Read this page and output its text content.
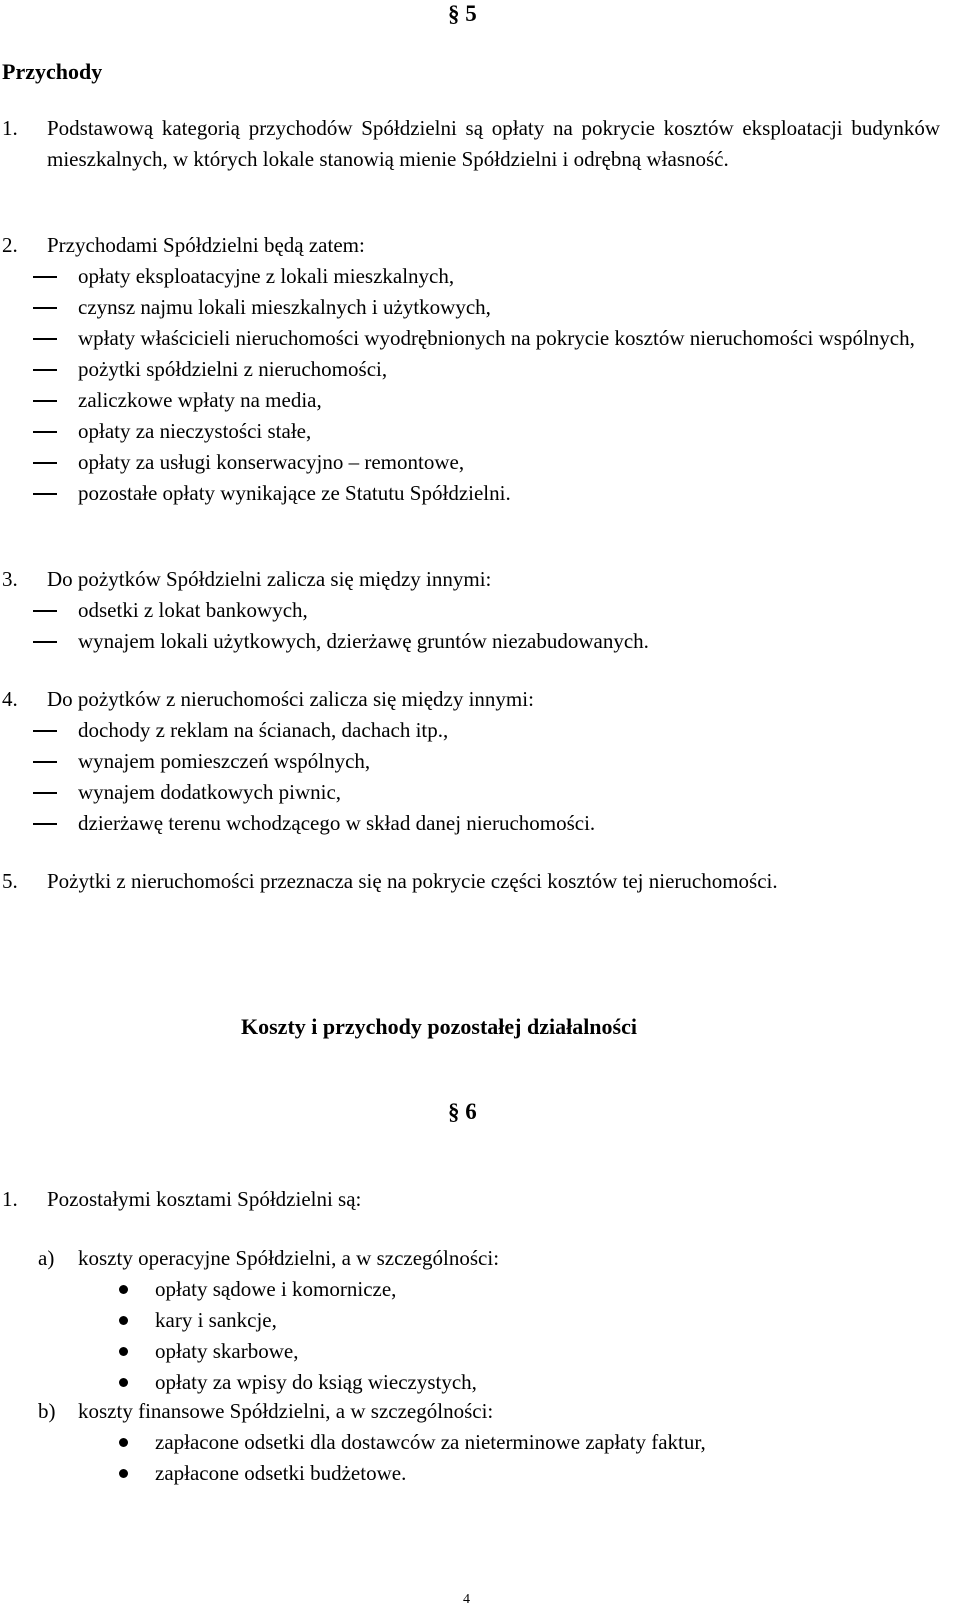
§ 5
Przychody
1. Podstawową kategorią przychodów Spółdzielni są opłaty na pokrycie kosztów eksploatacji budynków mieszkalnych, w których lokale stanowią mienie Spółdzielni i odrębną własność.
2. Przychodami Spółdzielni będą zatem:
opłaty eksploatacyjne z lokali mieszkalnych,
czynsz najmu lokali mieszkalnych i użytkowych,
wpłaty właścicieli nieruchomości wyodrębnionych na pokrycie kosztów nieruchomości wspólnych,
pożytki spółdzielni z nieruchomości,
zaliczkowe wpłaty na media,
opłaty za nieczystości stałe,
opłaty za usługi konserwacyjno – remontowe,
pozostałe opłaty wynikające ze Statutu Spółdzielni.
3. Do pożytków Spółdzielni zalicza się między innymi:
odsetki z lokat bankowych,
wynajem lokali użytkowych, dzierżawę gruntów niezabudowanych.
4. Do pożytków z nieruchomości zalicza się między innymi:
dochody z reklam na ścianach, dachach itp.,
wynajem pomieszczeń wspólnych,
wynajem dodatkowych piwnic,
dzierżawę terenu wchodzącego w skład danej nieruchomości.
5. Pożytki z nieruchomości przeznacza się na pokrycie części kosztów tej nieruchomości.
Koszty i przychody pozostałej działalności
§ 6
1. Pozostałymi kosztami Spółdzielni są:
a) koszty operacyjne Spółdzielni, a w szczególności:
opłaty sądowe i komornicze,
kary i sankcje,
opłaty skarbowe,
opłaty za wpisy do ksiąg wieczystych,
b) koszty finansowe Spółdzielni, a w szczególności:
zapłacone odsetki dla dostawców za nieterminowe zapłaty faktur,
zapłacone odsetki budżetowe.
4
